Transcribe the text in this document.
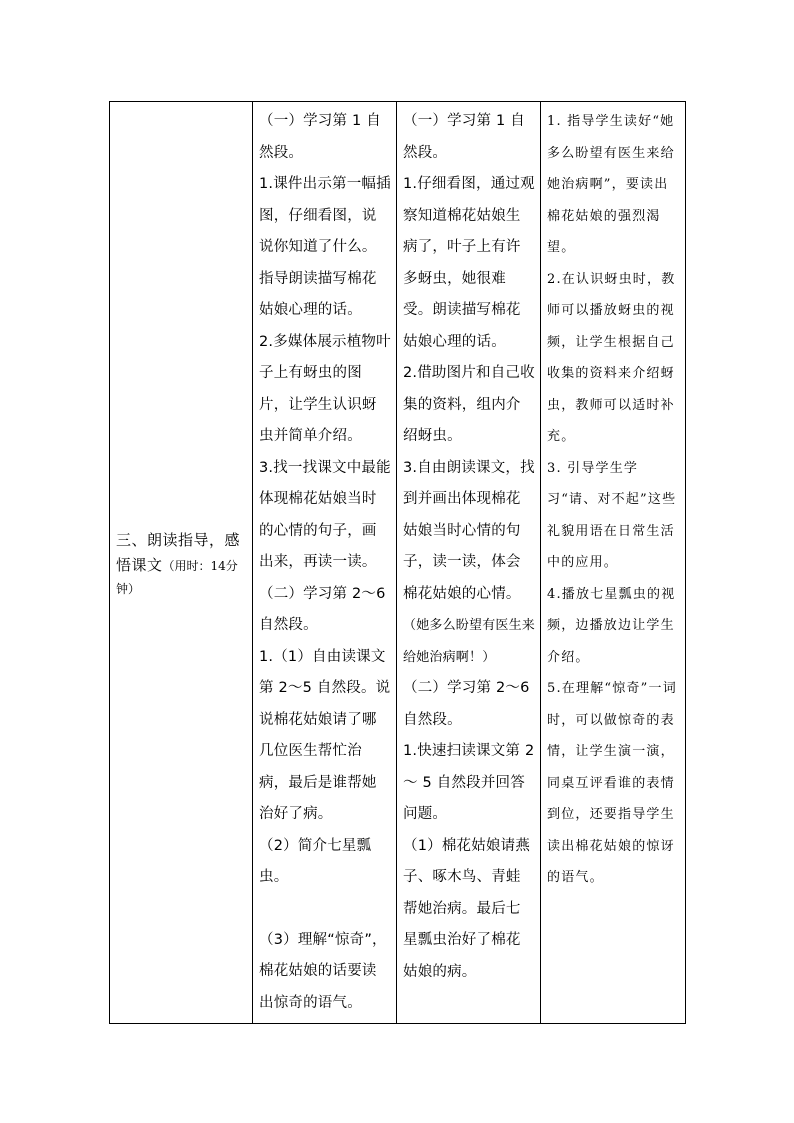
三、朗读指导，感悟课文（用时：14分钟）	

（一）学习第 1 自然段。
1.课件出示第一幅插图，仔细看图，说说你知道了什么。指导朗读描写棉花姑娘心理的话。
2.多媒体展示植物叶子上有蚜虫的图片，让学生认识蚜虫并简单介绍。
3.找一找课文中最能体现棉花姑娘当时的心情的句子，画出来，再读一读。
（二）学习第 2～6自然段。
1.（1）自由读课文第 2～5 自然段。说说棉花姑娘请了哪几位医生帮忙治病，最后是谁帮她治好了病。
（2）简介七星瓢虫。
（3）理解“惊奇”，棉花姑娘的话要读出惊奇的语气。

（一）学习第 1 自然段。
1.仔细看图，通过观察知道棉花姑娘生病了，叶子上有许多蚜虫，她很难受。朗读描写棉花姑娘心理的话。
2.借助图片和自己收集的资料，组内介绍蚜虫。
3.自由朗读课文，找到并画出体现棉花姑娘当时心情的句子，读一读，体会棉花姑娘的心情。
（她多么盼望有医生来给她治病啊！）
（二）学习第 2～6自然段。
1.快速扫读课文第 2 ～ 5 自然段并回答问题。
（1）棉花姑娘请燕子、啄木鸟、青蛙帮她治病。最后七星瓢虫治好了棉花姑娘的病。

1. 指导学生读好“她多么盼望有医生来给她治病啊”，要读出棉花姑娘的强烈渴望。
2.在认识蚜虫时，教师可以播放蚜虫的视频，让学生根据自己收集的资料来介绍蚜虫，教师可以适时补充。
3. 引导学生学习“请、对不起”这些礼貌用语在日常生活中的应用。
4.播放七星瓢虫的视频，边播放边让学生介绍。
5.在理解“惊奇”一词时，可以做惊奇的表情，让学生演一演，同桌互评看谁的表情到位，还要指导学生读出棉花姑娘的惊讶的语气。
